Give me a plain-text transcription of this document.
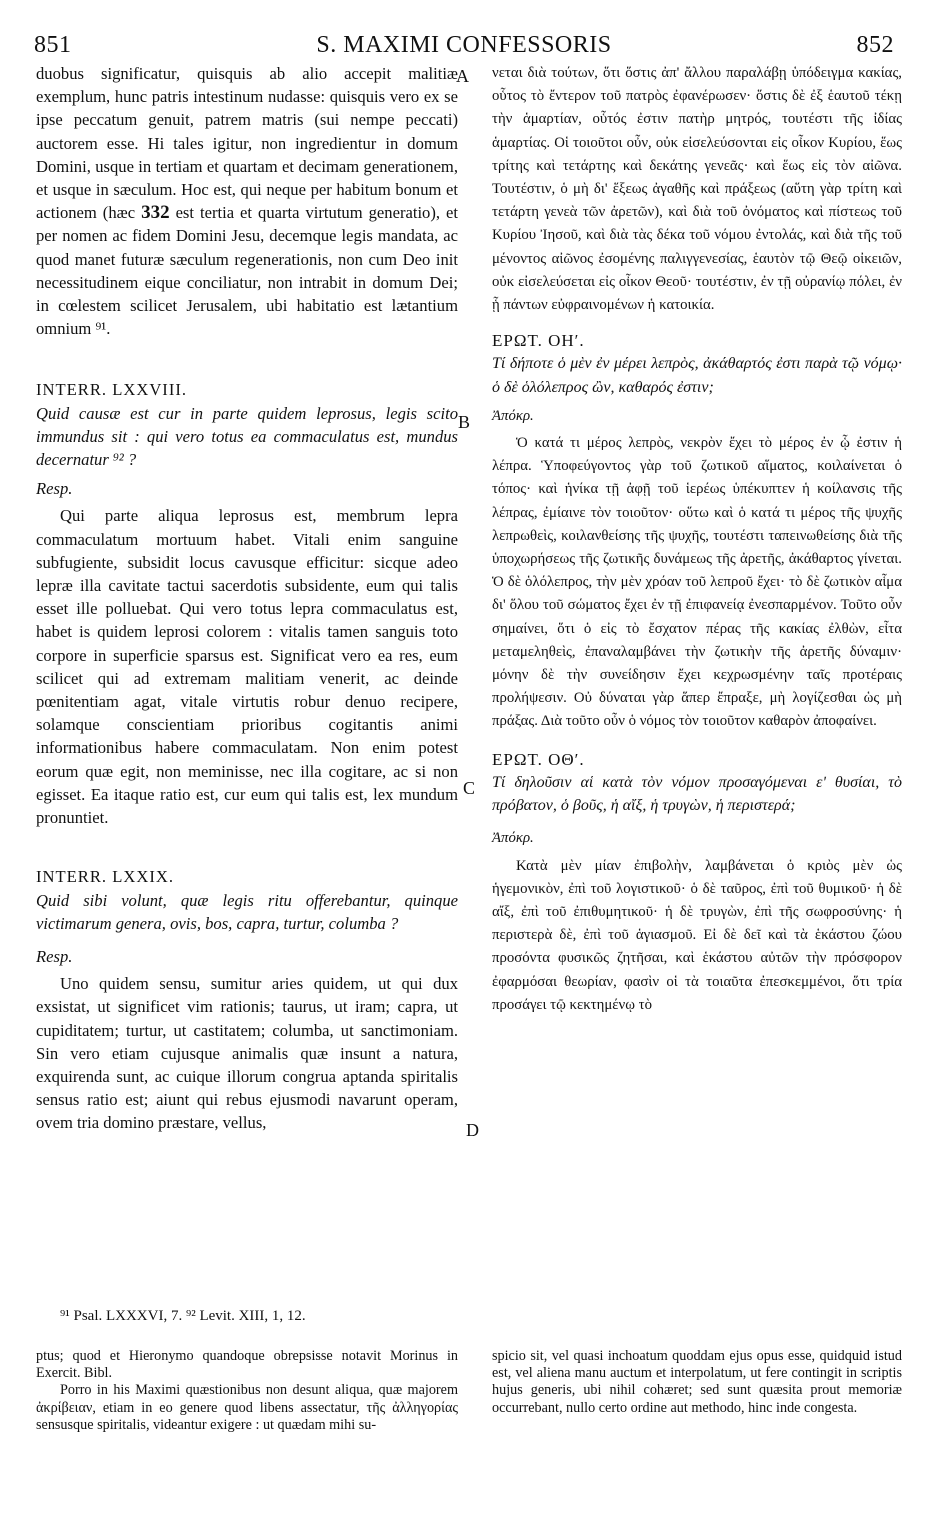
851	S. MAXIMI CONFESSORIS	852

duobus significatur, quisquis ab alio accepit malitiæ exemplum, hunc patris intestinum nudasse: quisquis vero ex se ipse peccatum genuit, patrem matris (sui nempe peccati) auctorem esse. Hi tales igitur, non ingredientur in domum Domini, usque in tertiam et quartam et decimam generationem, et usque in sæculum. Hoc est, qui neque per habitum bonum et actionem (hæc 332 est tertia et quarta virtutum generatio), et per nomen ac fidem Domini Jesu, decemque legis mandata, ac quod manet futuræ sæculum regenerationis, non cum Deo init necessitudinem eique conciliatur, non intrabit in domum Dei; in cœlestem scilicet Jerusalem, ubi habitatio est lætantium omnium ⁹¹.

INTERR. LXXVIII.

Quid causæ est cur in parte quidem leprosus, legis scito immundus sit : qui vero totus ea commaculatus est, mundus decernatur ⁹² ?

Resp.

Qui parte aliqua leprosus est, membrum lepra commaculatum mortuum habet. Vitali enim sanguine subfugiente, subsidit locus cavusque efficitur: sicque adeo lepræ illa cavitate tactui sacerdotis subsidente, eum qui talis esset ille polluebat. Qui vero totus lepra commaculatus est, habet is quidem leprosi colorem : vitalis tamen sanguis toto corpore in superficie sparsus est. Significat vero ea res, eum scilicet qui ad extremam malitiam venerit, ac deinde pœnitentiam agat, vitale virtutis robur denuo recipere, solamque conscientiam prioribus cogitantis animi informationibus habere commaculatam. Non enim potest eorum quæ egit, non meminisse, nec illa cogitare, ac si non egisset. Ea itaque ratio est, cur eum qui talis est, lex mundum pronuntiet.

INTERR. LXXIX.

Quid sibi volunt, quæ legis ritu offerebantur, quinque victimarum genera, ovis, bos, capra, turtur, columba ?

Resp.

Uno quidem sensu, sumitur aries quidem, ut qui dux exsistat, ut significet vim rationis; taurus, ut iram; capra, ut cupiditatem; turtur, ut castitatem; columba, ut sanctimoniam. Sin vero etiam cujusque animalis quæ insunt a natura, exquirenda sunt, ac cuique illorum congrua aptanda spiritalis sensus ratio est; aiunt qui rebus ejusmodi navarunt operam, ovem tria domino præstare, vellus,

νεται διὰ τούτων, ὅτι ὅστις ἀπ' ἄλλου παραλάβῃ ὑπόδειγμα κακίας, οὗτος τὸ ἔντερον τοῦ πατρὸς ἐφανέρωσεν· ὅστις δὲ ἐξ ἑαυτοῦ τέκῃ τὴν ἁμαρτίαν, οὗτός ἐστιν πατὴρ μητρός, τουτέστι τῆς ἰδίας ἁμαρτίας. Οἱ τοιοῦτοι οὖν, οὐκ εἰσελεύσονται εἰς οἶκον Κυρίου, ἕως τρίτης καὶ τετάρτης καὶ δεκάτης γενεᾶς· καὶ ἕως εἰς τὸν αἰῶνα. Τουτέστιν, ὁ μὴ δι' ἕξεως ἀγαθῆς καὶ πράξεως (αὕτη γὰρ τρίτη καὶ τετάρτη γενεὰ τῶν ἀρετῶν), καὶ διὰ τοῦ ὀνόματος καὶ πίστεως τοῦ Κυρίου Ἰησοῦ, καὶ διὰ τὰς δέκα τοῦ νόμου ἐντολάς, καὶ διὰ τῆς τοῦ μένοντος αἰῶνος ἐσομένης παλιγγενεσίας, ἑαυτὸν τῷ Θεῷ οἰκειῶν, οὐκ εἰσελεύσεται εἰς οἶκον Θεοῦ· τουτέστιν, ἐν τῇ οὐρανίῳ πόλει, ἐν ᾗ πάντων εὐφραινομένων ἡ κατοικία.

ΕΡΩΤ. ΟΗʹ.

Τί δήποτε ὁ μὲν ἐν μέρει λεπρὸς, ἀκάθαρτός ἐστι παρὰ τῷ νόμῳ· ὁ δὲ ὁλόλεπρος ὢν, καθαρός ἐστιν;

Ἀπόκρ.

Ὁ κατά τι μέρος λεπρὸς, νεκρὸν ἔχει τὸ μέρος ἐν ᾧ ἐστιν ἡ λέπρα. Ὑποφεύγοντος γὰρ τοῦ ζωτικοῦ αἵματος, κοιλαίνεται ὁ τόπος· καὶ ἡνίκα τῇ ἀφῇ τοῦ ἱερέως ὑπέκυπτεν ἡ κοίλανσις τῆς λέπρας, ἐμίαινε τὸν τοιοῦτον· οὕτω καὶ ὁ κατά τι μέρος τῆς ψυχῆς λεπρωθεὶς, κοιλανθείσης τῆς ψυχῆς, τουτέστι ταπεινωθείσης διὰ τῆς ὑποχωρήσεως τῆς ζωτικῆς δυνάμεως τῆς ἀρετῆς, ἀκάθαρτος γίνεται. Ὁ δὲ ὁλόλεπρος, τὴν μὲν χρόαν τοῦ λεπροῦ ἔχει· τὸ δὲ ζωτικὸν αἷμα δι' ὅλου τοῦ σώματος ἔχει ἐν τῇ ἐπιφανείᾳ ἐνεσπαρμένον. Τοῦτο οὖν σημαίνει, ὅτι ὁ εἰς τὸ ἔσχατον πέρας τῆς κακίας ἐλθὼν, εἶτα μεταμεληθεὶς, ἐπαναλαμβάνει τὴν ζωτικὴν τῆς ἀρετῆς δύναμιν· μόνην δὲ τὴν συνείδησιν ἔχει κεχρωσμένην ταῖς προτέραις προλήψεσιν. Οὐ δύναται γὰρ ἅπερ ἔπραξε, μὴ λογίζεσθαι ὡς μὴ πράξας. Διὰ τοῦτο οὖν ὁ νόμος τὸν τοιοῦτον καθαρὸν ἀποφαίνει.

ΕΡΩΤ. ΟΘʹ.

Τί δηλοῦσιν αἱ κατὰ τὸν νόμον προσαγόμεναι εʹ θυσίαι, τὸ πρόβατον, ὁ βοῦς, ἡ αἴξ, ἡ τρυγὼν, ἡ περιστερά;

Ἀπόκρ.

Κατὰ μὲν μίαν ἐπιβολὴν, λαμβάνεται ὁ κριὸς μὲν ὡς ἡγεμονικὸν, ἐπὶ τοῦ λογιστικοῦ· ὁ δὲ ταῦρος, ἐπὶ τοῦ θυμικοῦ· ἡ δὲ αἴξ, ἐπὶ τοῦ ἐπιθυμητικοῦ· ἡ δὲ τρυγὼν, ἐπὶ τῆς σωφροσύνης· ἡ περιστερὰ δὲ, ἐπὶ τοῦ ἁγιασμοῦ. Εἰ δὲ δεῖ καὶ τὰ ἑκάστου ζώου προσόντα φυσικῶς ζητῆσαι, καὶ ἑκάστου αὐτῶν τὴν πρόσφορον ἐφαρμόσαι θεωρίαν, φασὶν οἱ τὰ τοιαῦτα ἐπεσκεμμένοι, ὅτι τρία προσάγει τῷ κεκτημένῳ τὸ

A
B
C
D
⁹¹ Psal. LXXXVI, 7. ⁹² Levit. XIII, 1, 12.

ptus; quod et Hieronymo quandoque obrepsisse notavit Morinus in Exercit. Bibl.

Porro in his Maximi quæstionibus non desunt aliqua, quæ majorem ἀκρίβειαν, etiam in eo genere quod libens assectatur, τῆς ἀλληγορίας sensusque spiritalis, videantur exigere : ut quædam mihi su-

spicio sit, vel quasi inchoatum quoddam ejus opus esse, quidquid istud est, vel aliena manu auctum et interpolatum, ut fere contingit in scriptis hujus generis, ubi nihil cohæret; sed sunt quæsita prout memoriæ occurrebant, nullo certo ordine aut methodo, hinc inde congesta.
